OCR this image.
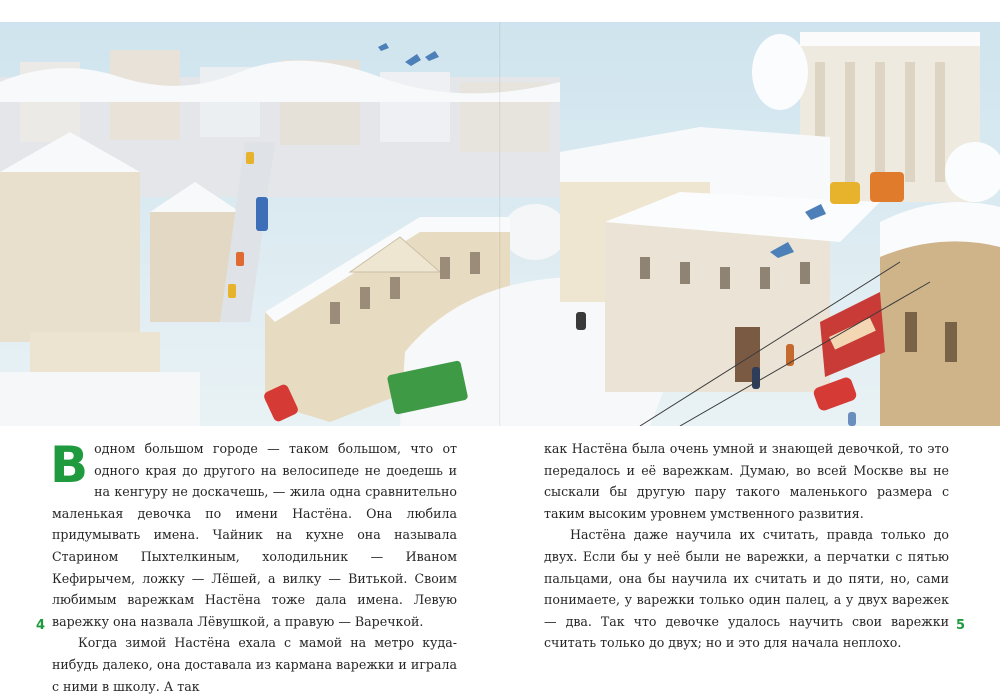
Водном большом городе — таком большом, что от одного края до другого на велосипеде не доедешь и на кенгуру не доскачешь, — жила одна сравнительно маленькая девочка по имени Настёна. Она любила придумывать имена. Чайник на кухне она называла Старином Пыхтелкиным, холодильник — Иваном Кефирычем, ложку — Лёшей, а вилку — Витькой. Своим любимым варежкам Настёна тоже дала имена. Левую варежку она назвала Лёвушкой, а правую — Варечкой.

Когда зимой Настёна ехала с мамой на метро куда-нибудь далеко, она доставала из кармана варежки и играла с ними в школу. А так

как Настёна была очень умной и знающей девочкой, то это передалось и её варежкам. Думаю, во всей Москве вы не сыскали бы другую пару такого маленького размера с таким высоким уровнем умственного развития.

Настёна даже научила их считать, правда только до двух. Если бы у неё были не варежки, а перчатки с пятью пальцами, она бы научила их считать и до пяти, но, сами понимаете, у варежки только один палец, а у двух варежек — два. Так что девочке удалось научить свои варежки считать только до двух; но и это для начала неплохо.

4	5
